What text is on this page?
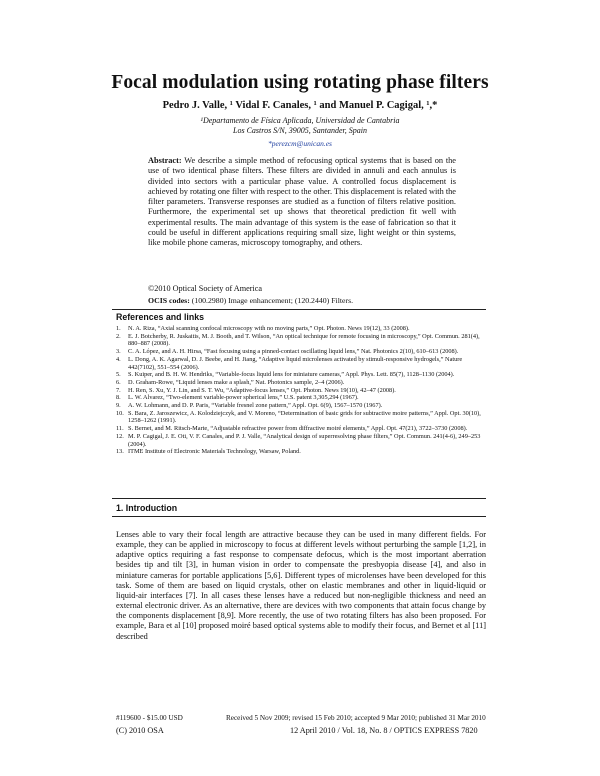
Focal modulation using rotating phase filters
Pedro J. Valle, ¹ Vidal F. Canales, ¹ and Manuel P. Cagigal, ¹,*
¹Departamento de Física Aplicada, Universidad de Cantabria
Los Castros S/N, 39005, Santander, Spain
*perezcm@unican.es
Abstract: We describe a simple method of refocusing optical systems that is based on the use of two identical phase filters. These filters are divided in annuli and each annulus is divided into sectors with a particular phase value. A controlled focus displacement is achieved by rotating one filter with respect to the other. This displacement is related with the filter parameters. Transverse responses are studied as a function of filters relative position. Furthermore, the experimental set up shows that theoretical prediction fit well with experimental results. The main advantage of this system is the ease of fabrication so that it could be useful in different applications requiring small size, light weight or thin systems, like mobile phone cameras, microscopy tomography, and others.
©2010 Optical Society of America
OCIS codes: (100.2980) Image enhancement; (120.2440) Filters.
References and links
1.	N. A. Riza, “Axial scanning confocal microscopy with no moving parts,” Opt. Photon. News 19(12), 33 (2008).
2.	E. J. Botcherby, R. Juskaitis, M. J. Booth, and T. Wilson, “An optical technique for remote focusing in microscopy,” Opt. Commun. 281(4), 880–887 (2008).
3.	C. A. López, and A. H. Hirsa, “Fast focusing using a pinned-contact oscillating liquid lens,” Nat. Photonics 2(10), 610–613 (2008).
4.	L. Dong, A. K. Agarwal, D. J. Beebe, and H. Jiang, “Adaptive liquid microlenses activated by stimuli-responsive hydrogels,” Nature 442(7102), 551–554 (2006).
5.	S. Kuiper, and B. H. W. Hendriks, “Variable-focus liquid lens for miniature cameras,” Appl. Phys. Lett. 85(7), 1128–1130 (2004).
6.	D. Graham-Rowe, “Liquid lenses make a splash,” Nat. Photonics sample, 2–4 (2006).
7.	H. Ren, S. Xu, Y. J. Lin, and S. T. Wu, “Adaptive-focus lenses,” Opt. Photon. News 19(10), 42–47 (2008).
8.	L. W. Alvarez, “Two-element variable-power spherical lens,” U.S. patent 3,305,294 (1967).
9.	A. W. Lohmann, and D. P. Paris, “Variable fresnel zone pattern,” Appl. Opt. 6(9), 1567–1570 (1967).
10. S. Bara, Z. Jaroszewicz, A. Kolodziejczyk, and V. Moreno, “Determination of basic grids for subtractive moire patterns,” Appl. Opt. 30(10), 1258–1262 (1991).
11. S. Bernet, and M. Ritsch-Marte, “Adjustable refractive power from diffractive moiré elements,” Appl. Opt. 47(21), 3722–3730 (2008).
12. M. P. Cagigal, J. E. Oti, V. F. Canales, and P. J. Valle, “Analytical design of superresolving phase filters,” Opt. Commun. 241(4-6), 249–253 (2004).
13. ITME Institute of Electronic Materials Technology, Warsaw, Poland.
1. Introduction
Lenses able to vary their focal length are attractive because they can be used in many different fields. For example, they can be applied in microscopy to focus at different levels without perturbing the sample [1,2], in adaptive optics requiring a fast response to compensate defocus, which is the most important aberration besides tip and tilt [3], in human vision in order to compensate the presbyopia disease [4], and also in miniature cameras for portable applications [5,6]. Different types of microlenses have been developed for this task. Some of them are based on liquid crystals, other on elastic membranes and other in liquid-liquid or liquid-air interfaces [7]. In all cases these lenses have a reduced but non-negligible thickness and need an external electronic driver. As an alternative, there are devices with two components that attain focus change by the components displacement [8,9]. More recently, the use of two rotating filters has also been proposed. For example, Bara et al [10] proposed moiré based optical systems able to modify their focus, and Bernet et al [11] described
#119600 - $15.00 USD	Received 5 Nov 2009; revised 15 Feb 2010; accepted 9 Mar 2010; published 31 Mar 2010
(C) 2010 OSA	12 April 2010 / Vol. 18, No. 8 / OPTICS EXPRESS 7820
